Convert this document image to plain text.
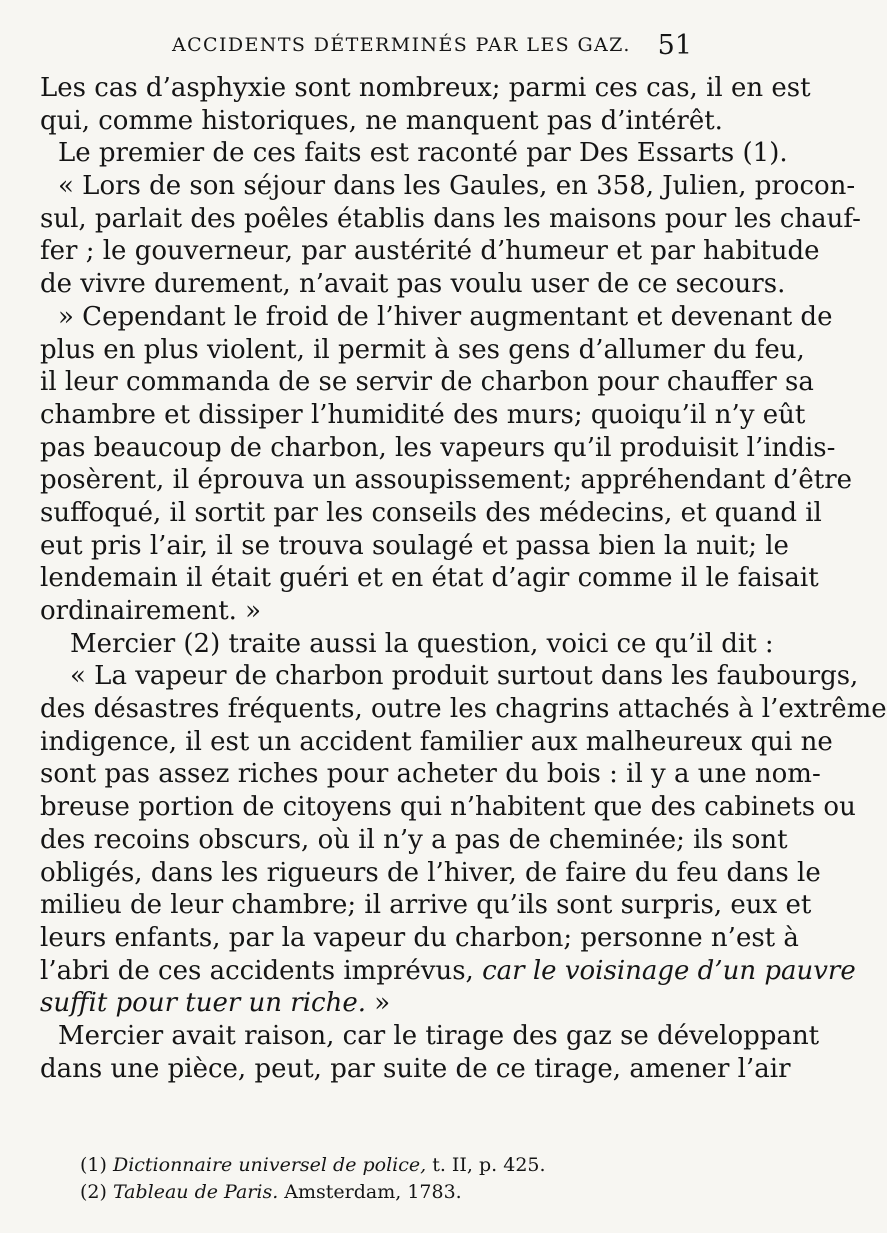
ACCIDENTS DÉTERMINÉS PAR LES GAZ. 51
Les cas d’asphyxie sont nombreux; parmi ces cas, il en est
qui, comme historiques, ne manquent pas d’intérêt.
Le premier de ces faits est raconté par Des Essarts (1).
« Lors de son séjour dans les Gaules, en 358, Julien, procon-
sul, parlait des poêles établis dans les maisons pour les chauf-
fer ; le gouverneur, par austérité d’humeur et par habitude
de vivre durement, n’avait pas voulu user de ce secours.
» Cependant le froid de l’hiver augmentant et devenant de
plus en plus violent, il permit à ses gens d’allumer du feu,
il leur commanda de se servir de charbon pour chauffer sa
chambre et dissiper l’humidité des murs; quoiqu’il n’y eût
pas beaucoup de charbon, les vapeurs qu’il produisit l’indis-
posèrent, il éprouva un assoupissement; appréhendant d’être
suffoqué, il sortit par les conseils des médecins, et quand il
eut pris l’air, il se trouva soulagé et passa bien la nuit; le
lendemain il était guéri et en état d’agir comme il le faisait
ordinairement. »
Mercier (2) traite aussi la question, voici ce qu’il dit :
« La vapeur de charbon produit surtout dans les faubourgs,
des désastres fréquents, outre les chagrins attachés à l’extrême
indigence, il est un accident familier aux malheureux qui ne
sont pas assez riches pour acheter du bois : il y a une nom-
breuse portion de citoyens qui n’habitent que des cabinets ou
des recoins obscurs, où il n’y a pas de cheminée; ils sont
obligés, dans les rigueurs de l’hiver, de faire du feu dans le
milieu de leur chambre; il arrive qu’ils sont surpris, eux et
leurs enfants, par la vapeur du charbon; personne n’est à
l’abri de ces accidents imprévus, car le voisinage d’un pauvre
suffit pour tuer un riche. »
Mercier avait raison, car le tirage des gaz se développant
dans une pièce, peut, par suite de ce tirage, amener l’air
(1) Dictionnaire universel de police, t. II, p. 425.
(2) Tableau de Paris. Amsterdam, 1783.
